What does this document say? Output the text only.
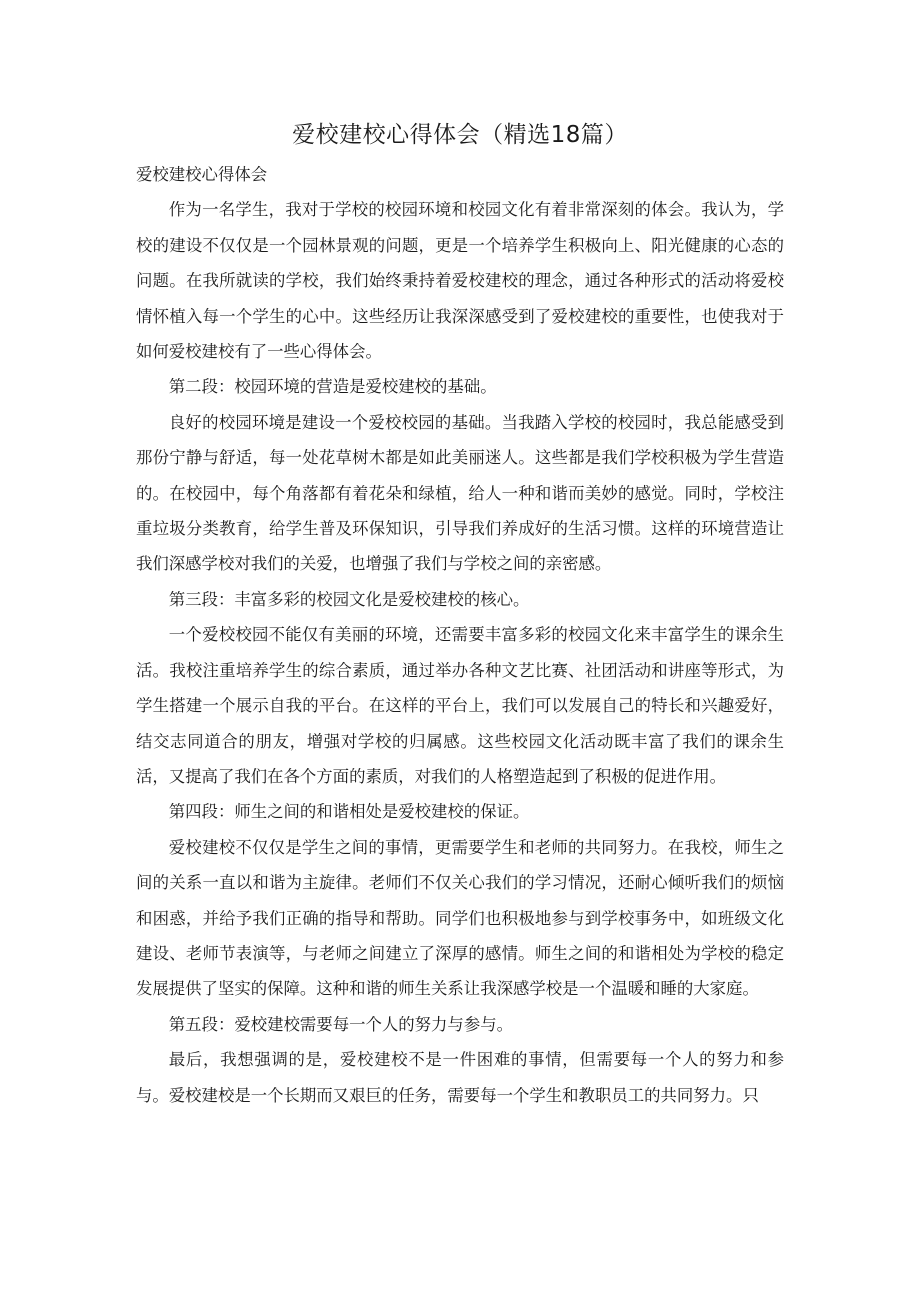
爱校建校心得体会（精选18篇）

爱校建校心得体会

作为一名学生，我对于学校的校园环境和校园文化有着非常深刻的体会。我认为，学校的建设不仅仅是一个园林景观的问题，更是一个培养学生积极向上、阳光健康的心态的问题。在我所就读的学校，我们始终秉持着爱校建校的理念，通过各种形式的活动将爱校情怀植入每一个学生的心中。这些经历让我深深感受到了爱校建校的重要性，也使我对于如何爱校建校有了一些心得体会。

第二段：校园环境的营造是爱校建校的基础。

良好的校园环境是建设一个爱校校园的基础。当我踏入学校的校园时，我总能感受到那份宁静与舒适，每一处花草树木都是如此美丽迷人。这些都是我们学校积极为学生营造的。在校园中，每个角落都有着花朵和绿植，给人一种和谐而美妙的感觉。同时，学校注重垃圾分类教育，给学生普及环保知识，引导我们养成好的生活习惯。这样的环境营造让我们深感学校对我们的关爱，也增强了我们与学校之间的亲密感。

第三段：丰富多彩的校园文化是爱校建校的核心。

一个爱校校园不能仅有美丽的环境，还需要丰富多彩的校园文化来丰富学生的课余生活。我校注重培养学生的综合素质，通过举办各种文艺比赛、社团活动和讲座等形式，为学生搭建一个展示自我的平台。在这样的平台上，我们可以发展自己的特长和兴趣爱好，结交志同道合的朋友，增强对学校的归属感。这些校园文化活动既丰富了我们的课余生活，又提高了我们在各个方面的素质，对我们的人格塑造起到了积极的促进作用。

第四段：师生之间的和谐相处是爱校建校的保证。

爱校建校不仅仅是学生之间的事情，更需要学生和老师的共同努力。在我校，师生之间的关系一直以和谐为主旋律。老师们不仅关心我们的学习情况，还耐心倾听我们的烦恼和困惑，并给予我们正确的指导和帮助。同学们也积极地参与到学校事务中，如班级文化建设、老师节表演等，与老师之间建立了深厚的感情。师生之间的和谐相处为学校的稳定发展提供了坚实的保障。这种和谐的师生关系让我深感学校是一个温暖和睡的大家庭。

第五段：爱校建校需要每一个人的努力与参与。

最后，我想强调的是，爱校建校不是一件困难的事情，但需要每一个人的努力和参与。爱校建校是一个长期而又艰巨的任务，需要每一个学生和教职员工的共同努力。只
